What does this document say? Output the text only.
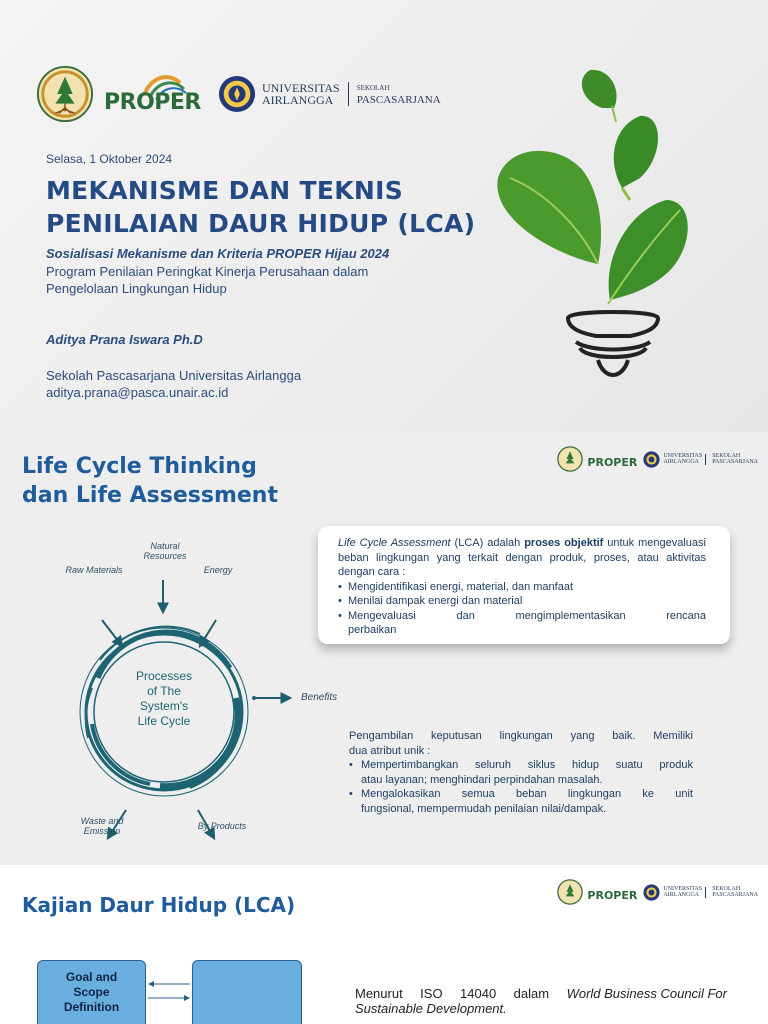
PROPER
UNIVERSITAS
AIRLANGGA
SEKOLAH
PASCASARJANA
Selasa, 1 Oktober 2024
MEKANISME DAN TEKNIS
PENILAIAN DAUR HIDUP (LCA)
Sosialisasi Mekanisme dan Kriteria PROPER Hijau 2024
Program Penilaian Peringkat Kinerja Perusahaan dalam
Pengelolaan Lingkungan Hidup
Aditya Prana Iswara Ph.D
Sekolah Pascasarjana Universitas Airlangga
aditya.prana@pasca.unair.ac.id
Life Cycle Thinking
dan Life Assessment
PROPER	UNIVERSITAS
AIRLANGGA
SEKOLAH
PASCASARJANA
Natural
Resources
Raw Materials	Energy
Benefits
Waste and
Emission	By Products
Processes
of The
System's
Life Cycle
Life Cycle Assessment (LCA) adalah proses objektif untuk mengevaluasi beban lingkungan yang terkait dengan produk, proses, atau aktivitas dengan cara :
• Mengidentifikasi energi, material, dan manfaat
• Menilai dampak energi dan material
• Mengevaluasi	dan	mengimplementasikan	rencana
perbaikan
Pengambilan keputusan lingkungan yang baik. Memiliki
dua atribut unik :
• Mempertimbangkan seluruh siklus hidup suatu produk
atau layanan; menghindari perpindahan masalah.
• Mengalokasikan semua beban lingkungan ke unit
fungsional, mempermudah penilaian nilai/dampak.
Kajian Daur Hidup (LCA)	PROPER	UNIVERSITAS
AIRLANGGA
SEKOLAH
PASCASARJANA
Goal and
Scope
Definition
Menurut ISO 14040 dalam World Business Council For
Sustainable Development.
